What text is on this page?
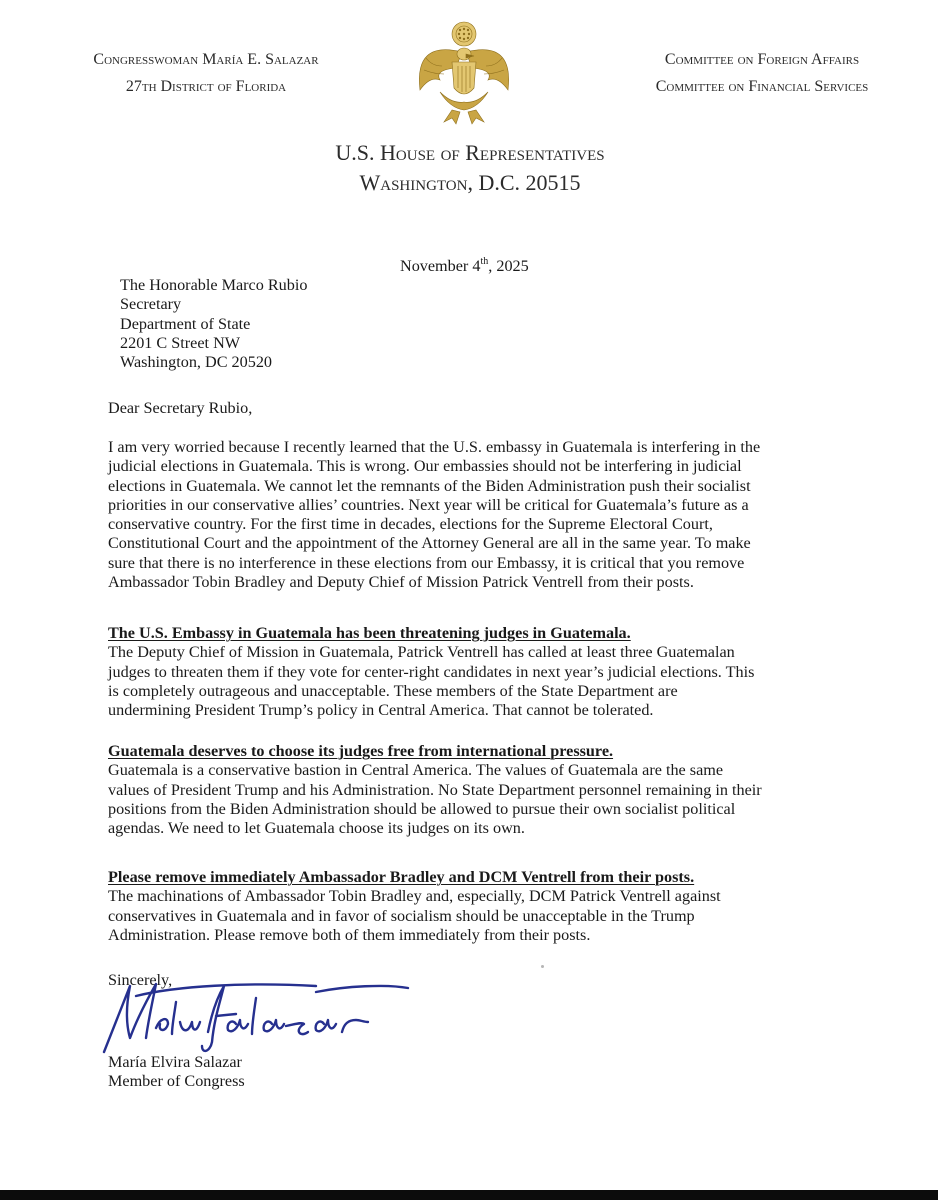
Congresswoman María E. Salazar
27th District of Florida
Committee on Foreign Affairs
Committee on Financial Services
U.S. House of Representatives
Washington, D.C. 20515
November 4th, 2025
The Honorable Marco Rubio
Secretary
Department of State
2201 C Street NW
Washington, DC 20520
Dear Secretary Rubio,
I am very worried because I recently learned that the U.S. embassy in Guatemala is interfering in the
judicial elections in Guatemala. This is wrong. Our embassies should not be interfering in judicial
elections in Guatemala. We cannot let the remnants of the Biden Administration push their socialist
priorities in our conservative allies’ countries. Next year will be critical for Guatemala’s future as a
conservative country. For the first time in decades, elections for the Supreme Electoral Court,
Constitutional Court and the appointment of the Attorney General are all in the same year. To make
sure that there is no interference in these elections from our Embassy, it is critical that you remove
Ambassador Tobin Bradley and Deputy Chief of Mission Patrick Ventrell from their posts.
The U.S. Embassy in Guatemala has been threatening judges in Guatemala.
The Deputy Chief of Mission in Guatemala, Patrick Ventrell has called at least three Guatemalan
judges to threaten them if they vote for center-right candidates in next year’s judicial elections. This
is completely outrageous and unacceptable. These members of the State Department are
undermining President Trump’s policy in Central America. That cannot be tolerated.
Guatemala deserves to choose its judges free from international pressure.
Guatemala is a conservative bastion in Central America. The values of Guatemala are the same
values of President Trump and his Administration. No State Department personnel remaining in their
positions from the Biden Administration should be allowed to pursue their own socialist political
agendas. We need to let Guatemala choose its judges on its own.
Please remove immediately Ambassador Bradley and DCM Ventrell from their posts.
The machinations of Ambassador Tobin Bradley and, especially, DCM Patrick Ventrell against
conservatives in Guatemala and in favor of socialism should be unacceptable in the Trump
Administration. Please remove both of them immediately from their posts.
Sincerely,
María Elvira Salazar
Member of Congress
